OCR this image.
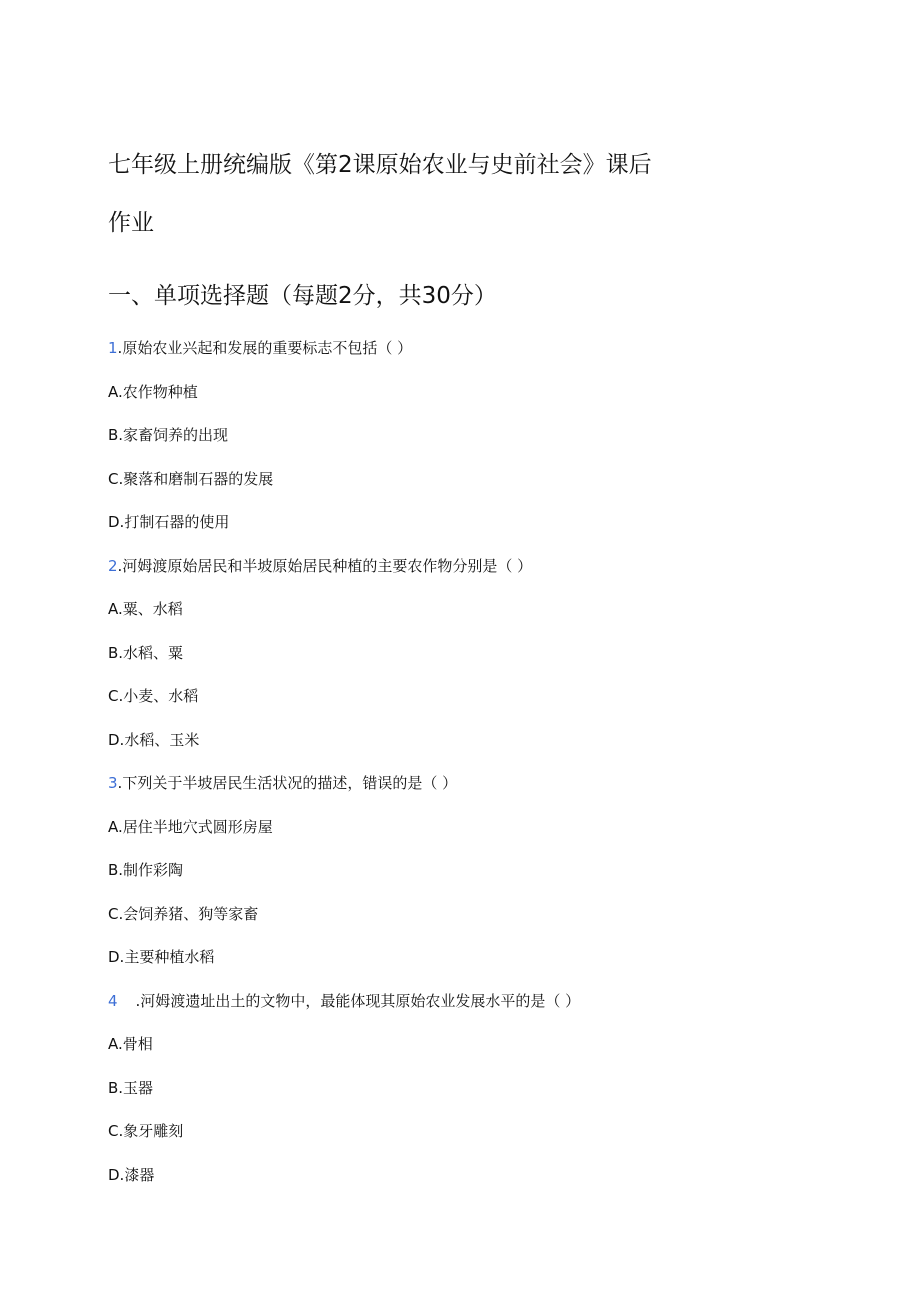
七年级上册统编版《第2课原始农业与史前社会》课后
作业
一、单项选择题（每题2分，共30分）
1.原始农业兴起和发展的重要标志不包括（ ）
A.农作物种植
B.家畜饲养的出现
C.聚落和磨制石器的发展
D.打制石器的使用
2.河姆渡原始居民和半坡原始居民种植的主要农作物分别是（ ）
A.粟、水稻
B.水稻、粟
C.小麦、水稻
D.水稻、玉米
3.下列关于半坡居民生活状况的描述，错误的是（ ）
A.居住半地穴式圆形房屋
B.制作彩陶
C.会饲养猪、狗等家畜
D.主要种植水稻
4 .河姆渡遗址出土的文物中，最能体现其原始农业发展水平的是（ ）
A.骨相
B.玉器
C.象牙雕刻
D.漆器
